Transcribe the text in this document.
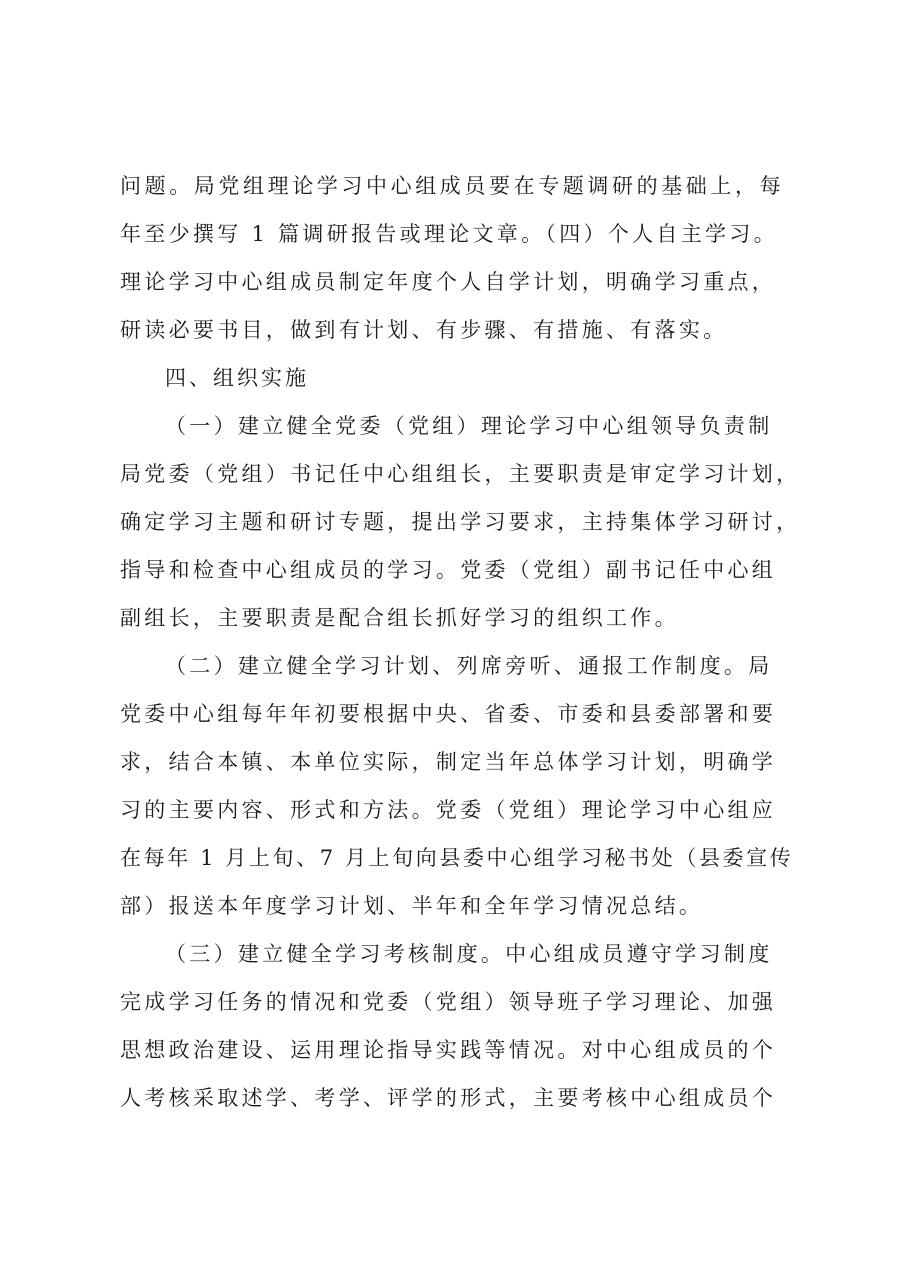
问题。局党组理论学习中心组成员要在专题调研的基础上，每
年至少撰写 1 篇调研报告或理论文章。（四）个人自主学习。
理论学习中心组成员制定年度个人自学计划，明确学习重点，
研读必要书目，做到有计划、有步骤、有措施、有落实。
四、组织实施
（一）建立健全党委（党组）理论学习中心组领导负责制
局党委（党组）书记任中心组组长，主要职责是审定学习计划，
确定学习主题和研讨专题，提出学习要求，主持集体学习研讨，
指导和检查中心组成员的学习。党委（党组）副书记任中心组
副组长，主要职责是配合组长抓好学习的组织工作。
（二）建立健全学习计划、列席旁听、通报工作制度。局
党委中心组每年年初要根据中央、省委、市委和县委部署和要
求，结合本镇、本单位实际，制定当年总体学习计划，明确学
习的主要内容、形式和方法。党委（党组）理论学习中心组应
在每年 1 月上旬、7 月上旬向县委中心组学习秘书处（县委宣传
部）报送本年度学习计划、半年和全年学习情况总结。
（三）建立健全学习考核制度。中心组成员遵守学习制度
完成学习任务的情况和党委（党组）领导班子学习理论、加强
思想政治建设、运用理论指导实践等情况。对中心组成员的个
人考核采取述学、考学、评学的形式，主要考核中心组成员个
